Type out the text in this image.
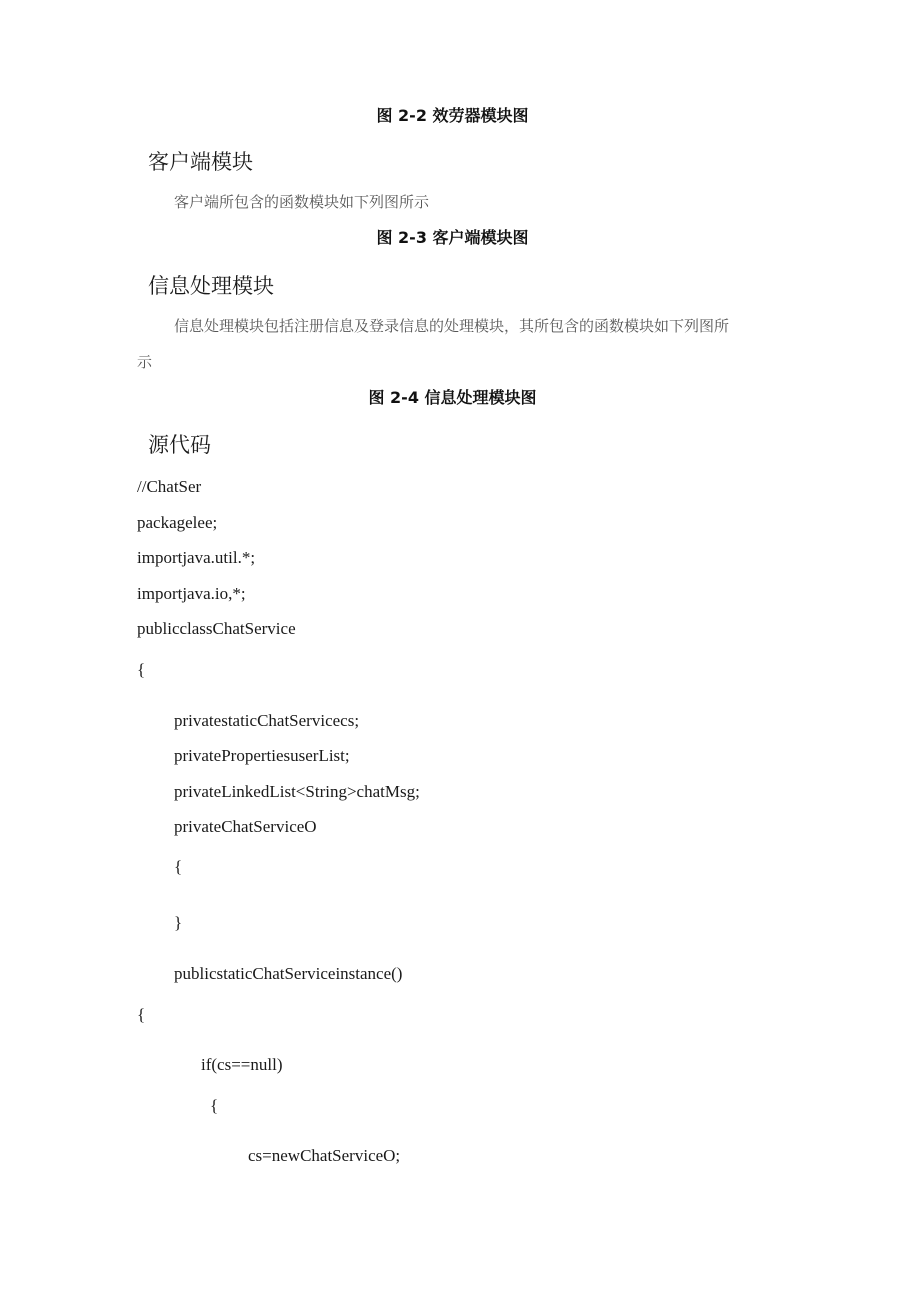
图 2-2 效劳器模块图
客户端模块
客户端所包含的函数模块如下列图所示
图 2-3 客户端模块图
信息处理模块
信息处理模块包括注册信息及登录信息的处理模块，其所包含的函数模块如下列图所
示
图 2-4 信息处理模块图
源代码
//ChatSer
packagelee;
importjava.util.*;
importjava.io,*;
publicclassChatService
{
privatestaticChatServicecs;
privatePropertiesuserList;
privateLinkedList<String>chatMsg;
privateChatServiceO
{
}
publicstaticChatServiceinstance()
{
if(cs==null)
{
cs=newChatServiceO;
